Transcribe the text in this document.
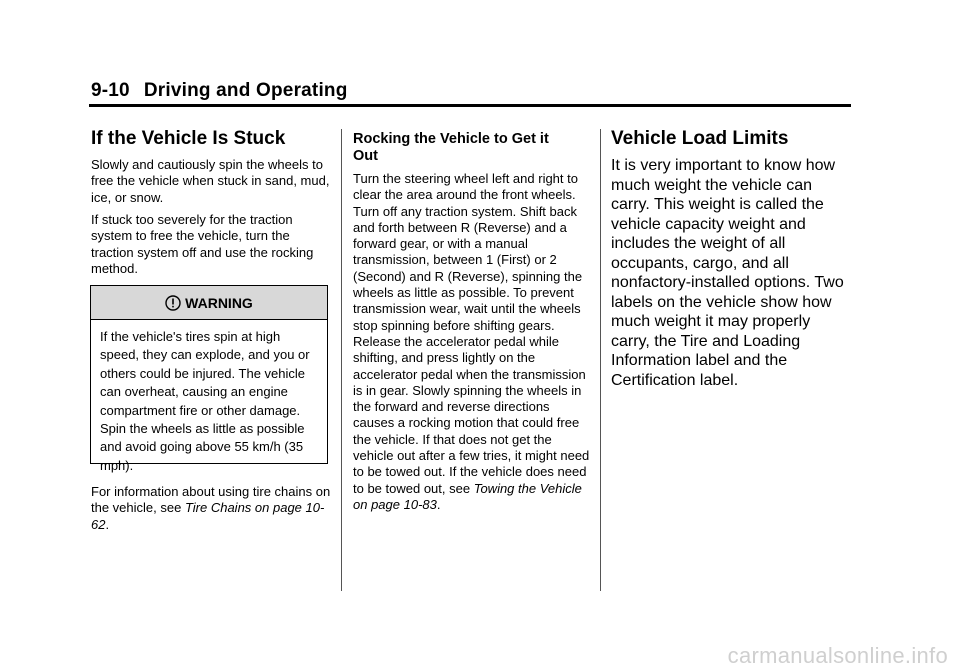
9-10 Driving and Operating
If the Vehicle Is Stuck

Slowly and cautiously spin the wheels to free the vehicle when stuck in sand, mud, ice, or snow.

If stuck too severely for the traction system to free the vehicle, turn the traction system off and use the rocking method.

WARNING
If the vehicle's tires spin at high speed, they can explode, and you or others could be injured. The vehicle can overheat, causing an engine compartment fire or other damage. Spin the wheels as little as possible and avoid going above 55 km/h (35 mph).

For information about using tire chains on the vehicle, see Tire Chains on page 10-62.

Rocking the Vehicle to Get it Out

Turn the steering wheel left and right to clear the area around the front wheels. Turn off any traction system. Shift back and forth between R (Reverse) and a forward gear, or with a manual transmission, between 1 (First) or 2 (Second) and R (Reverse), spinning the wheels as little as possible. To prevent transmission wear, wait until the wheels stop spinning before shifting gears. Release the accelerator pedal while shifting, and press lightly on the accelerator pedal when the transmission is in gear. Slowly spinning the wheels in the forward and reverse directions causes a rocking motion that could free the vehicle. If that does not get the vehicle out after a few tries, it might need to be towed out. If the vehicle does need to be towed out, see Towing the Vehicle on page 10-83.

Vehicle Load Limits

It is very important to know how much weight the vehicle can carry. This weight is called the vehicle capacity weight and includes the weight of all occupants, cargo, and all nonfactory-installed options. Two labels on the vehicle show how much weight it may properly carry, the Tire and Loading Information label and the Certification label.

carmanualsonline.info
